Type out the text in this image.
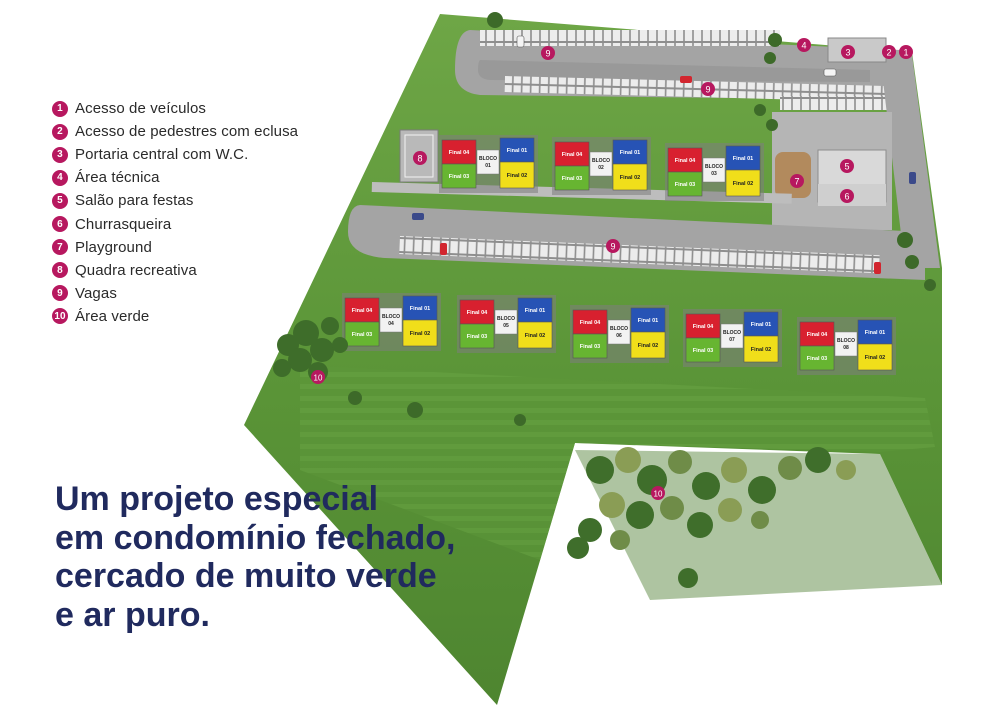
Final 04	Final 01
Final 03	Final 02
BLOCO
01
Final 04	Final 01
Final 03	Final 02
BLOCO
02
Final 04	Final 01
Final 03	Final 02
BLOCO
03
Final 04	Final 01
Final 03	Final 02
BLOCO
04
Final 04	Final 01
Final 03	Final 02
BLOCO
05	Final 04	Final 01
Final 03	Final 02
BLOCO
06
Final 04	Final 01
Final 03	Final 02
BLOCO
07
Final 04	Final 01
Final 03	Final 02
BLOCO
08
1
2
3
4
5
6
7
8
9
9
9
10
10
1 Acesso de veículos
2 Acesso de pedestres com eclusa
3 Portaria central com W.C.
4 Área técnica
5 Salão para festas
6 Churrasqueira
7 Playground
8 Quadra recreativa
9 Vagas
10 Área verde
Um projeto especial
em condomínio fechado,
cercado de muito verde
e ar puro.
